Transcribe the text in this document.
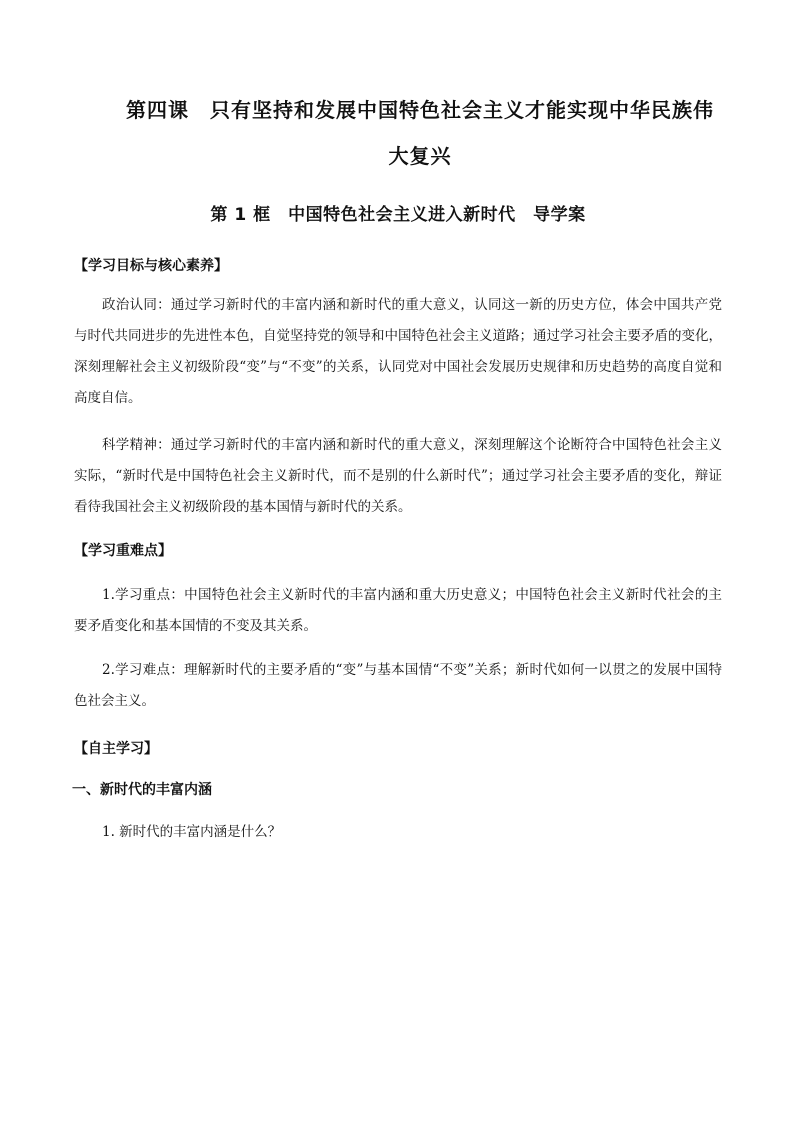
第四课　只有坚持和发展中国特色社会主义才能实现中华民族伟
大复兴
第 1 框　中国特色社会主义进入新时代　导学案

【学习目标与核心素养】

政治认同：通过学习新时代的丰富内涵和新时代的重大意义，认同这一新的历史方位，体会中国共产党与时代共同进步的先进性本色，自觉坚持党的领导和中国特色社会主义道路；通过学习社会主要矛盾的变化，深刻理解社会主义初级阶段“变”与“不变”的关系，认同党对中国社会发展历史规律和历史趋势的高度自觉和高度自信。

科学精神：通过学习新时代的丰富内涵和新时代的重大意义，深刻理解这个论断符合中国特色社会主义实际，“新时代是中国特色社会主义新时代，而不是别的什么新时代”；通过学习社会主要矛盾的变化，辩证看待我国社会主义初级阶段的基本国情与新时代的关系。

【学习重难点】

1.学习重点：中国特色社会主义新时代的丰富内涵和重大历史意义；中国特色社会主义新时代社会的主要矛盾变化和基本国情的不变及其关系。

2.学习难点：理解新时代的主要矛盾的“变”与基本国情“不变”关系；新时代如何一以贯之的发展中国特色社会主义。

【自主学习】

一、新时代的丰富内涵

1. 新时代的丰富内涵是什么？
